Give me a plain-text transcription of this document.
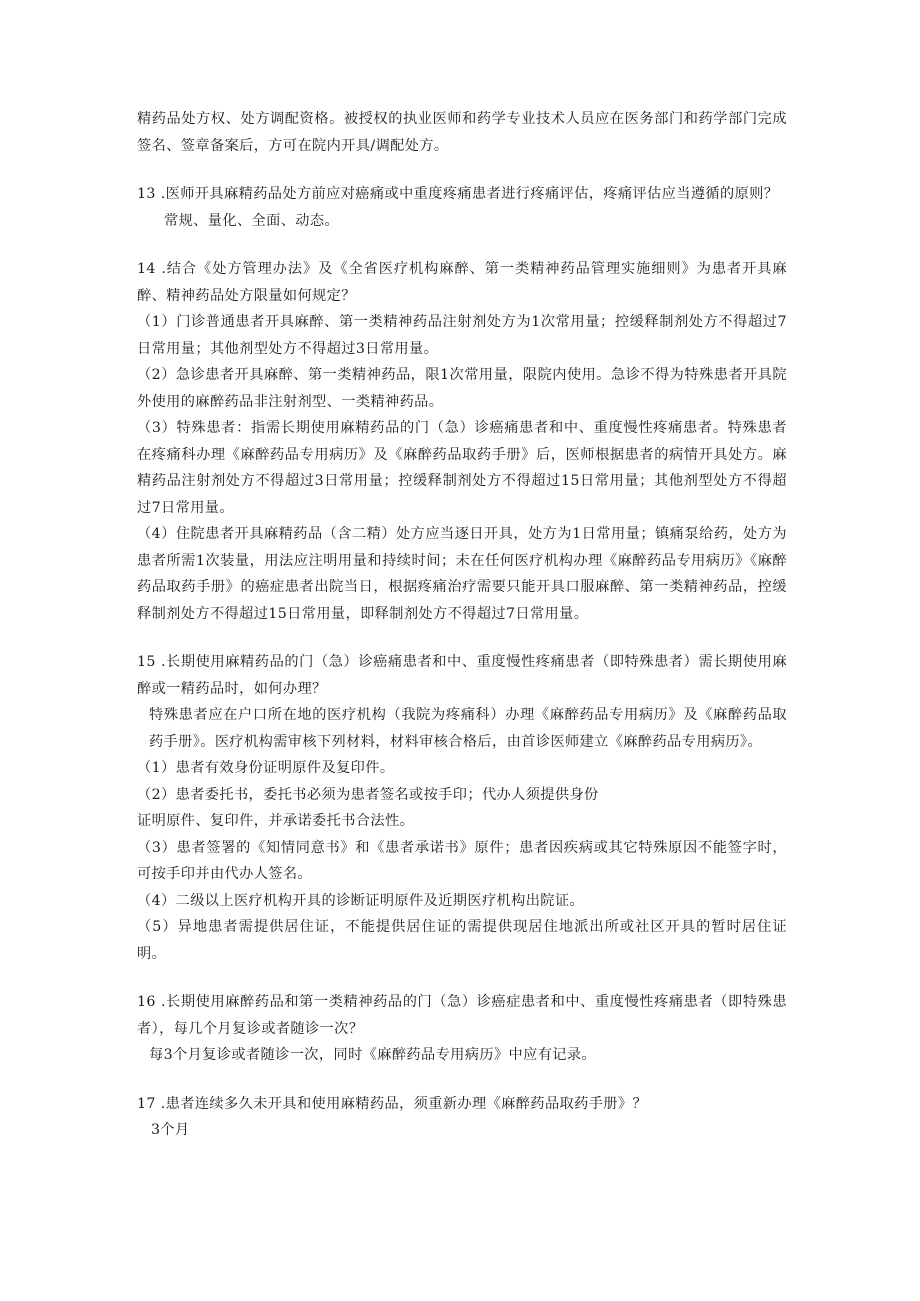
精药品处方权、处方调配资格。被授权的执业医师和药学专业技术人员应在医务部门和药学部门完成签名、签章备案后，方可在院内开具/调配处方。

13 .医师开具麻精药品处方前应对癌痛或中重度疼痛患者进行疼痛评估，疼痛评估应当遵循的原则？

常规、量化、全面、动态。

14 .结合《处方管理办法》及《全省医疗机构麻醉、第一类精神药品管理实施细则》为患者开具麻醉、精神药品处方限量如何规定？

（1）门诊普通患者开具麻醉、第一类精神药品注射剂处方为1次常用量；控缓释制剂处方不得超过7日常用量；其他剂型处方不得超过3日常用量。

（2）急诊患者开具麻醉、第一类精神药品，限1次常用量，限院内使用。急诊不得为特殊患者开具院外使用的麻醉药品非注射剂型、一类精神药品。

（3）特殊患者：指需长期使用麻精药品的门（急）诊癌痛患者和中、重度慢性疼痛患者。特殊患者在疼痛科办理《麻醉药品专用病历》及《麻醉药品取药手册》后，医师根据患者的病情开具处方。麻精药品注射剂处方不得超过3日常用量；控缓释制剂处方不得超过15日常用量；其他剂型处方不得超过7日常用量。

（4）住院患者开具麻精药品（含二精）处方应当逐日开具，处方为1日常用量；镇痛泵给药，处方为患者所需1次装量，用法应注明用量和持续时间；未在任何医疗机构办理《麻醉药品专用病历》《麻醉药品取药手册》的癌症患者出院当日，根据疼痛治疗需要只能开具口服麻醉、第一类精神药品，控缓释制剂处方不得超过15日常用量，即释制剂处方不得超过7日常用量。

15 .长期使用麻精药品的门（急）诊癌痛患者和中、重度慢性疼痛患者（即特殊患者）需长期使用麻醉或一精药品时，如何办理？

特殊患者应在户口所在地的医疗机构（我院为疼痛科）办理《麻醉药品专用病历》及《麻醉药品取药手册》。医疗机构需审核下列材料，材料审核合格后，由首诊医师建立《麻醉药品专用病历》。

（1）患者有效身份证明原件及复印件。

（2）患者委托书，委托书必须为患者签名或按手印；代办人须提供身份

证明原件、复印件，并承诺委托书合法性。

（3）患者签署的《知情同意书》和《患者承诺书》原件；患者因疾病或其它特殊原因不能签字时，可按手印并由代办人签名。

（4）二级以上医疗机构开具的诊断证明原件及近期医疗机构出院证。

（5）异地患者需提供居住证，不能提供居住证的需提供现居住地派出所或社区开具的暂时居住证明。

16 .长期使用麻醉药品和第一类精神药品的门（急）诊癌症患者和中、重度慢性疼痛患者（即特殊患者），每几个月复诊或者随诊一次？

每3个月复诊或者随诊一次，同时《麻醉药品专用病历》中应有记录。

17 .患者连续多久未开具和使用麻精药品，须重新办理《麻醉药品取药手册》？

3个月
